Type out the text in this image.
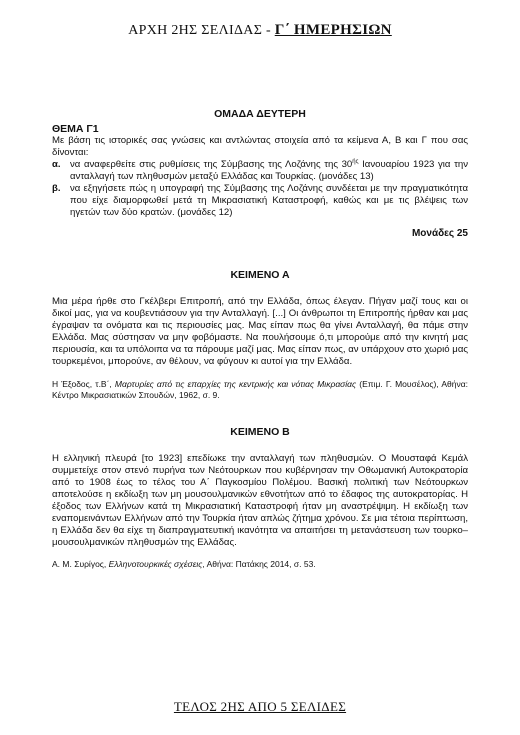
ΑΡΧΗ 2ΗΣ ΣΕΛΙΔΑΣ - Γ΄ ΗΜΕΡΗΣΙΩΝ
ΟΜΑΔΑ ΔΕΥΤΕΡΗ
ΘΕΜΑ Γ1

Με βάση τις ιστορικές σας γνώσεις και αντλώντας στοιχεία από τα κείμενα Α, Β και Γ που σας δίνονται:

α. να αναφερθείτε στις ρυθμίσεις της Σύμβασης της Λοζάνης της $30^{ή\varsigma}$ Ιανουαρίου 1923 για την ανταλλαγή των πληθυσμών μεταξύ Ελλάδας και Τουρκίας. (μονάδες 13)
β. να εξηγήσετε πώς η υπογραφή της Σύμβασης της Λοζάνης συνδέεται με την πραγματικότητα που είχε διαμορφωθεί μετά τη Μικρασιατική Καταστροφή, καθώς και με τις βλέψεις των ηγετών των δύο κρατών. (μονάδες 12)
Μονάδες 25
ΚΕΙΜΕΝΟ Α

Μια μέρα ήρθε στο Γκέλβερι Επιτροπή, από την Ελλάδα, όπως έλεγαν. Πήγαν μαζί τους και οι δικοί μας, για να κουβεντιάσουν για την Ανταλλαγή. [...] Οι άνθρωποι τη Επιτροπής ήρθαν και μας έγραψαν τα ονόματα και τις περιουσίες μας. Μας είπαν πως θα γίνει Ανταλλαγή, θα πάμε στην Ελλάδα. Μας σύστησαν να μην φοβόμαστε. Να πουλήσουμε ό,τι μπορούμε από την κινητή μας περιουσία, και τα υπόλοιπα να τα πάρουμε μαζί μας. Μας είπαν πως, αν υπάρχουν στο χωριό μας τουρκεμένοι, μπορούνε, αν θέλουν, να φύγουν κι αυτοί για την Ελλάδα.

Η Έξοδος, τ.Β΄, Μαρτυρίες από τις επαρχίες της κεντρικής και νότιας Μικρασίας (Επιμ. Γ. Μουσέλος), Αθήνα: Κέντρο Μικρασιατικών Σπουδών, 1962, σ. 9.

ΚΕΙΜΕΝΟ Β

Η ελληνική πλευρά [το 1923] επεδίωκε την ανταλλαγή των πληθυσμών. Ο Μουσταφά Κεμάλ συμμετείχε στον στενό πυρήνα των Νεότουρκων που κυβέρνησαν την Οθωμανική Αυτοκρατορία από το 1908 έως το τέλος του Α΄ Παγκοσμίου Πολέμου. Βασική πολιτική των Νεότουρκων αποτελούσε η εκδίωξη των μη μουσουλμανικών εθνοτήτων από το έδαφος της αυτοκρατορίας. Η έξοδος των Ελλήνων κατά τη Μικρασιατική Καταστροφή ήταν μη αναστρέψιμη. Η εκδίωξη των εναπομεινάντων Ελλήνων από την Τουρκία ήταν απλώς ζήτημα χρόνου. Σε μια τέτοια περίπτωση, η Ελλάδα δεν θα είχε τη διαπραγματευτική ικανότητα να απαιτήσει τη μετανάστευση των τουρκο–μουσουλμανικών πληθυσμών της Ελλάδας.

Α. Μ. Συρίγος, Ελληνοτουρκικές σχέσεις, Αθήνα: Πατάκης 2014, σ. 53.

ΤΕΛΟΣ 2ΗΣ ΑΠΟ 5 ΣΕΛΙΔΕΣ
